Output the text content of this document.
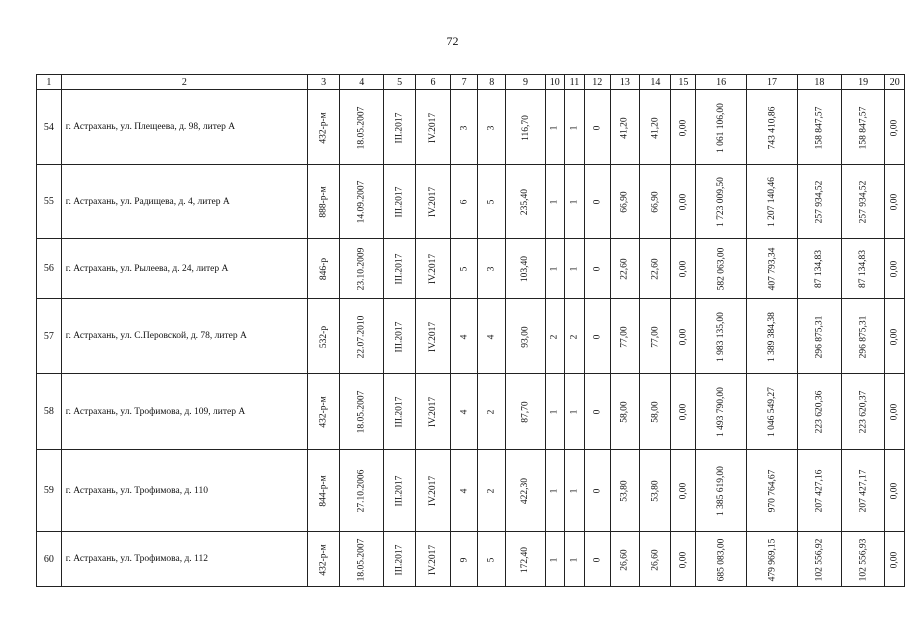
72
1	2	3	4	5	6	7	8	9	10	11	12	13	14	15	16	17	18	19	20
54	г. Астрахань, ул. Плещеева, д. 98, литер А	432-р-м	18.05.2007	III.2017	IV.2017	3	3	116,70	1	1	0	41,20	41,20	0,00	1 061 106,00	743 410,86	158 847,57	158 847,57	0,00
55	г. Астрахань, ул. Радищева, д. 4, литер А	888-р-м	14.09.2007	III.2017	IV.2017	6	5	235,40	1	1	0	66,90	66,90	0,00	1 723 009,50	1 207 140,46	257 934,52	257 934,52	0,00
56	г. Астрахань, ул. Рылеева, д. 24, литер А	846-р	23.10.2009	III.2017	IV.2017	5	3	103,40	1	1	0	22,60	22,60	0,00	582 063,00	407 793,34	87 134,83	87 134,83	0,00
57	г. Астрахань, ул. С.Перовской, д. 78, литер А	532-р	22.07.2010	III.2017	IV.2017	4	4	93,00	2	2	0	77,00	77,00	0,00	1 983 135,00	1 389 384,38	296 875,31	296 875,31	0,00
58	г. Астрахань, ул. Трофимова, д. 109, литер А	432-р-м	18.05.2007	III.2017	IV.2017	4	2	87,70	1	1	0	58,00	58,00	0,00	1 493 790,00	1 046 549,27	223 620,36	223 620,37	0,00
59	г. Астрахань, ул. Трофимова, д. 110	844-р-м	27.10.2006	III.2017	IV.2017	4	2	422,30	1	1	0	53,80	53,80	0,00	1 385 619,00	970 764,67	207 427,16	207 427,17	0,00
60	г. Астрахань, ул. Трофимова, д. 112	432-р-м	18.05.2007	III.2017	IV.2017	9	5	172,40	1	1	0	26,60	26,60	0,00	685 083,00	479 969,15	102 556,92	102 556,93	0,00
